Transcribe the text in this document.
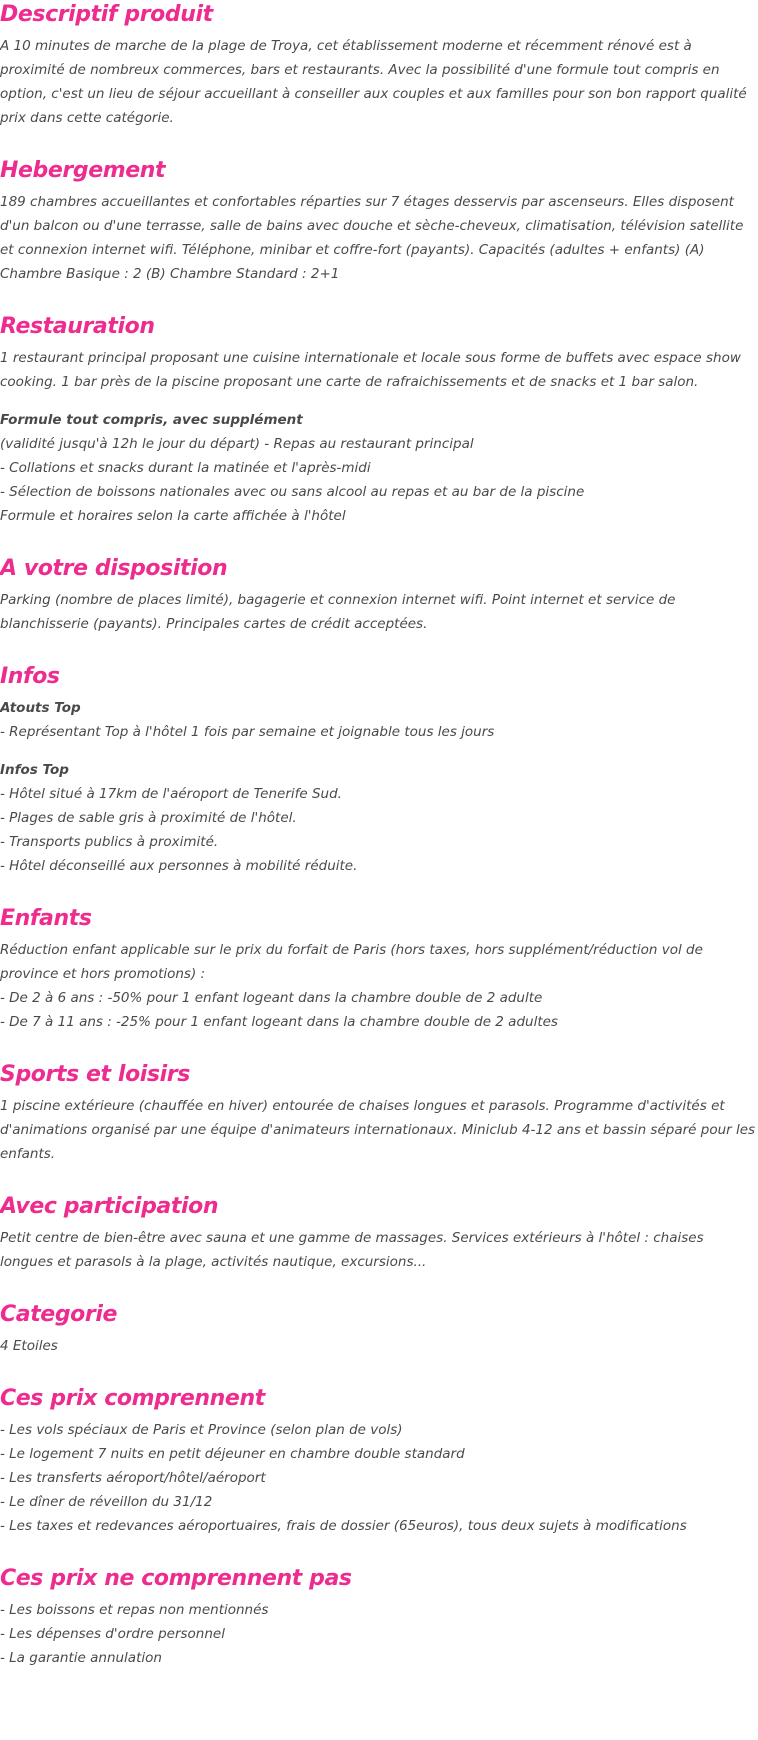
Descriptif produit

A 10 minutes de marche de la plage de Troya, cet établissement moderne et récemment rénové est à proximité de nombreux commerces, bars et restaurants. Avec la possibilité d'une formule tout compris en option, c'est un lieu de séjour accueillant à conseiller aux couples et aux familles pour son bon rapport qualité prix dans cette catégorie.

Hebergement

189 chambres accueillantes et confortables réparties sur 7 étages desservis par ascenseurs. Elles disposent d'un balcon ou d'une terrasse, salle de bains avec douche et sèche-cheveux, climatisation, télévision satellite et connexion internet wifi. Téléphone, minibar et coffre-fort (payants). Capacités (adultes + enfants) (A) Chambre Basique : 2 (B) Chambre Standard : 2+1

Restauration

1 restaurant principal proposant une cuisine internationale et locale sous forme de buffets avec espace show cooking. 1 bar près de la piscine proposant une carte de rafraichissements et de snacks et 1 bar salon.

Formule tout compris, avec supplément
(validité jusqu'à 12h le jour du départ) - Repas au restaurant principal
- Collations et snacks durant la matinée et l'après-midi
- Sélection de boissons nationales avec ou sans alcool au repas et au bar de la piscine
Formule et horaires selon la carte affichée à l'hôtel
A votre disposition

Parking (nombre de places limité), bagagerie et connexion internet wifi. Point internet et service de blanchisserie (payants). Principales cartes de crédit acceptées.

Infos
Atouts Top
- Représentant Top à l'hôtel 1 fois par semaine et joignable tous les jours
Infos Top
- Hôtel situé à 17km de l'aéroport de Tenerife Sud.
- Plages de sable gris à proximité de l'hôtel.
- Transports publics à proximité.
- Hôtel déconseillé aux personnes à mobilité réduite.
Enfants
Réduction enfant applicable sur le prix du forfait de Paris (hors taxes, hors supplément/réduction vol de province et hors promotions) :
- De 2 à 6 ans : -50% pour 1 enfant logeant dans la chambre double de 2 adulte
- De 7 à 11 ans : -25% pour 1 enfant logeant dans la chambre double de 2 adultes
Sports et loisirs

1 piscine extérieure (chauffée en hiver) entourée de chaises longues et parasols. Programme d'activités et d'animations organisé par une équipe d'animateurs internationaux. Miniclub 4-12 ans et bassin séparé pour les enfants.

Avec participation

Petit centre de bien-être avec sauna et une gamme de massages. Services extérieurs à l'hôtel : chaises longues et parasols à la plage, activités nautique, excursions...

Categorie

4 Etoiles

Ces prix comprennent
- Les vols spéciaux de Paris et Province (selon plan de vols)
- Le logement 7 nuits en petit déjeuner en chambre double standard
- Les transferts aéroport/hôtel/aéroport
- Le dîner de réveillon du 31/12
- Les taxes et redevances aéroportuaires, frais de dossier (65euros), tous deux sujets à modifications
Ces prix ne comprennent pas
- Les boissons et repas non mentionnés
- Les dépenses d'ordre personnel
- La garantie annulation
